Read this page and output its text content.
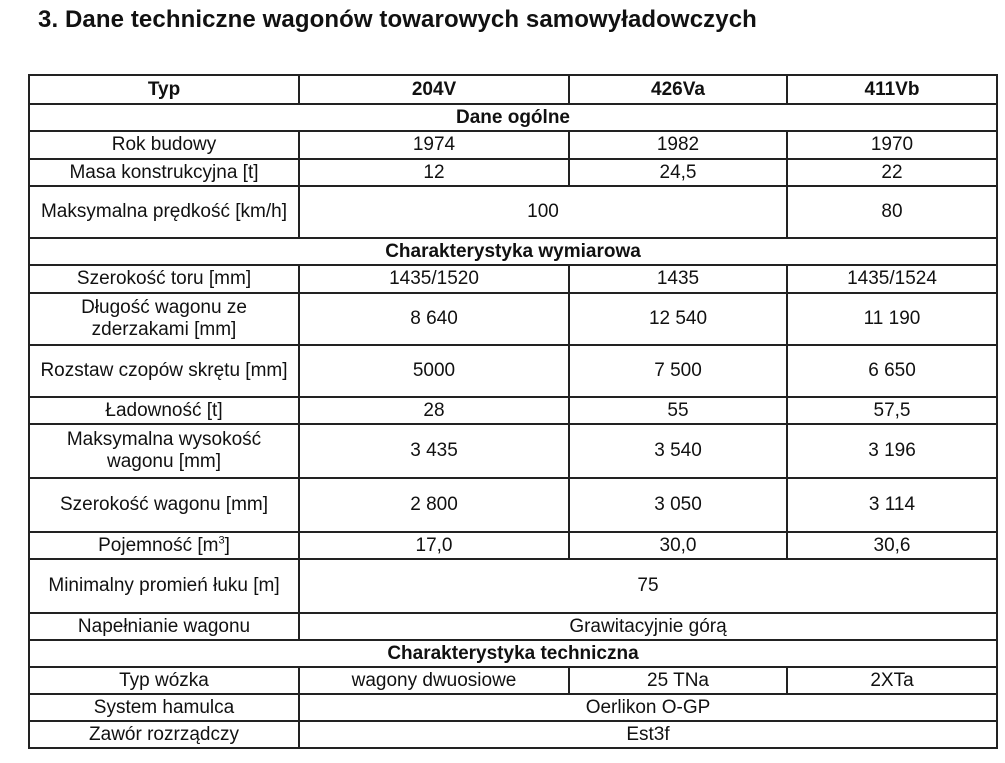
3. Dane techniczne wagonów towarowych samowyładowczych
Typ	204V	426Va	411Vb
Dane ogólne			
Rok budowy	1974	1982	1970
Masa konstrukcyjna [t]	12	24,5	22
Maksymalna prędkość [km/h]	100		80
Charakterystyka wymiarowa			
Szerokość toru [mm]	1435/1520	1435	1435/1524
Długość wagonu ze zderzakami [mm]	8 640	12 540	11 190
Rozstaw czopów skrętu [mm]	5000	7 500	6 650
Ładowność [t]	28	55	57,5
Maksymalna wysokość wagonu [mm]	3 435	3 540	3 196
Szerokość wagonu [mm]	2 800	3 050	3 114
Pojemność $[m^3]$	17,0	30,0	30,6
Minimalny promień łuku [m]	75		
Napełnianie wagonu	Grawitacyjnie górą		
Charakterystyka techniczna			
Typ wózka	wagony dwuosiowe	25 TNa	2XTa
System hamulca	Oerlikon O-GP		
Zawór rozrządczy	Est3f		
